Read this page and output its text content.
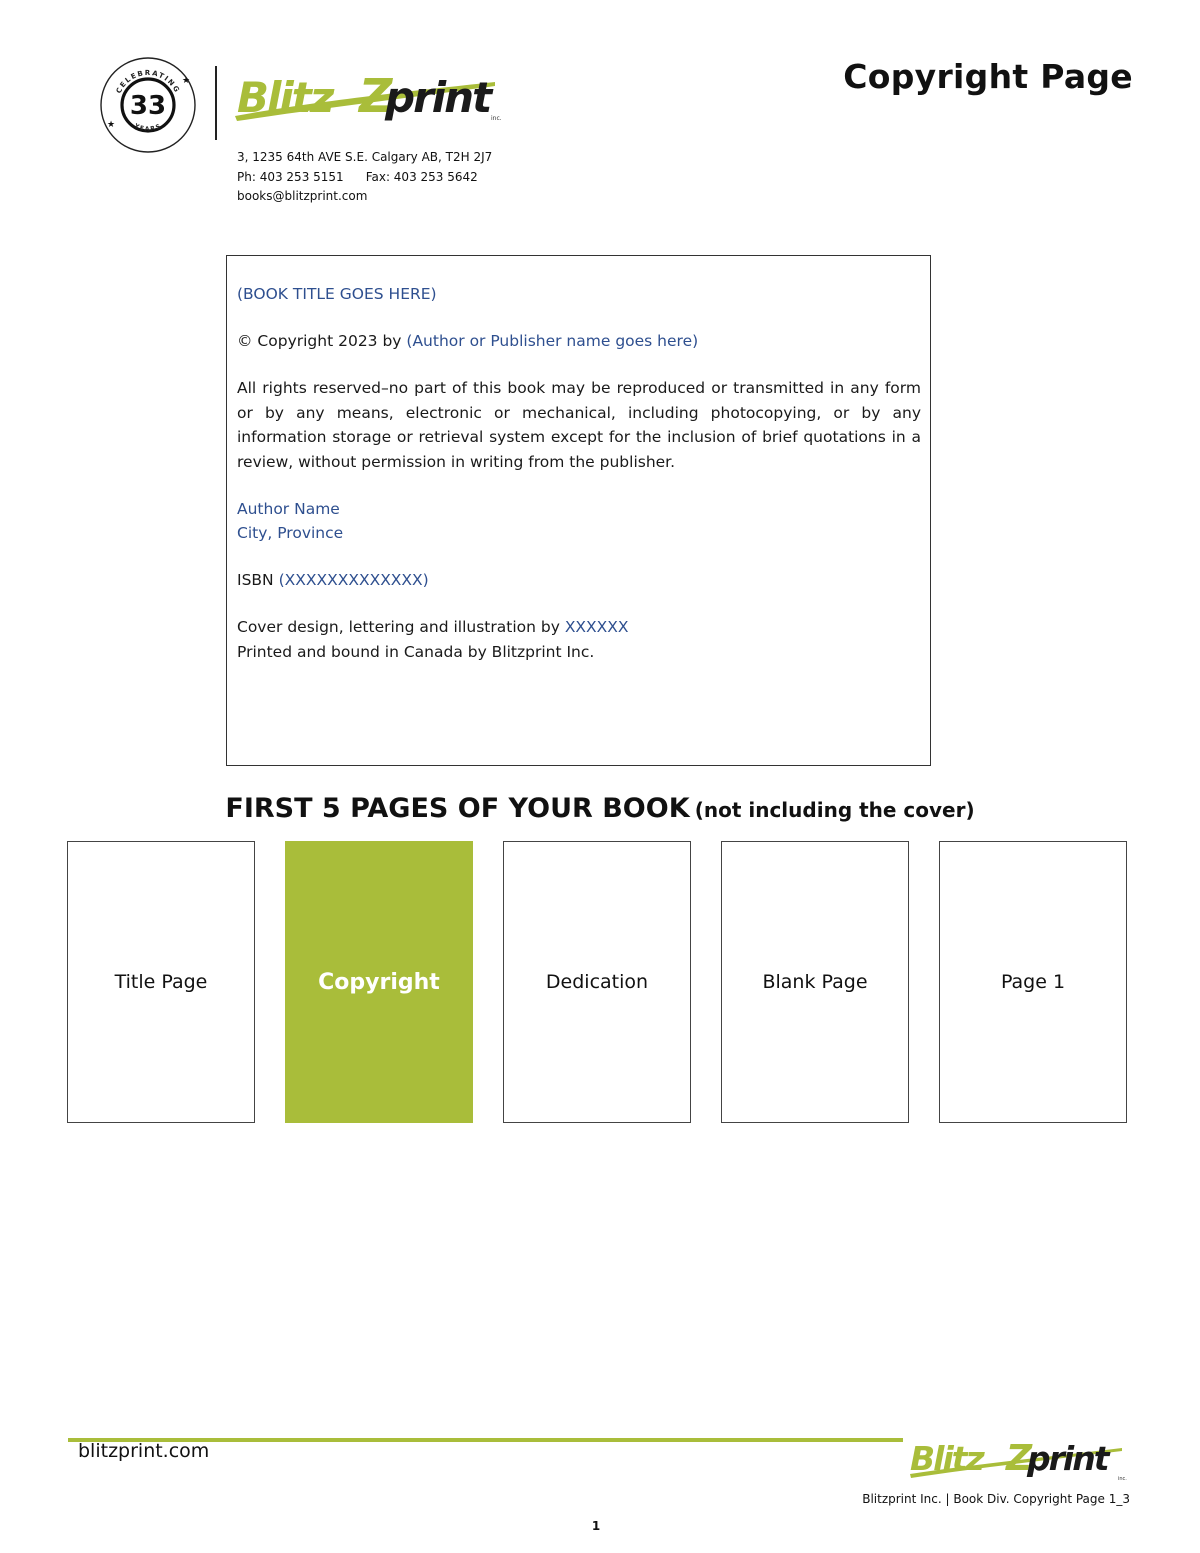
CELEBRATING
YEARS
33
★
★ Blitz Z
print inc.
3, 1235 64th AVE S.E. Calgary AB, T2H 2J7
Ph: 403 253 5151 Fax: 403 253 5642
books@blitzprint.com
Copyright Page

(BOOK TITLE GOES HERE)

© Copyright 2023 by (Author or Publisher name goes here)

All rights reserved–no part of this book may be reproduced or transmitted in any form or by any means, electronic or mechanical, including photocopying, or by any information storage or retrieval system except for the inclusion of brief quotations in a review, without permission in writing from the publisher.

Author Name
City, Province

ISBN (XXXXXXXXXXXXX)

Cover design, lettering and illustration by XXXXXX
Printed and bound in Canada by Blitzprint Inc.

FIRST 5 PAGES OF YOUR BOOK (not including the cover)
Title Page	Copyright	Dedication	Blank Page	Page 1
blitzprint.com	Blitz Z
print
inc.
Blitzprint Inc. | Book Div. Copyright Page 1_3
1
